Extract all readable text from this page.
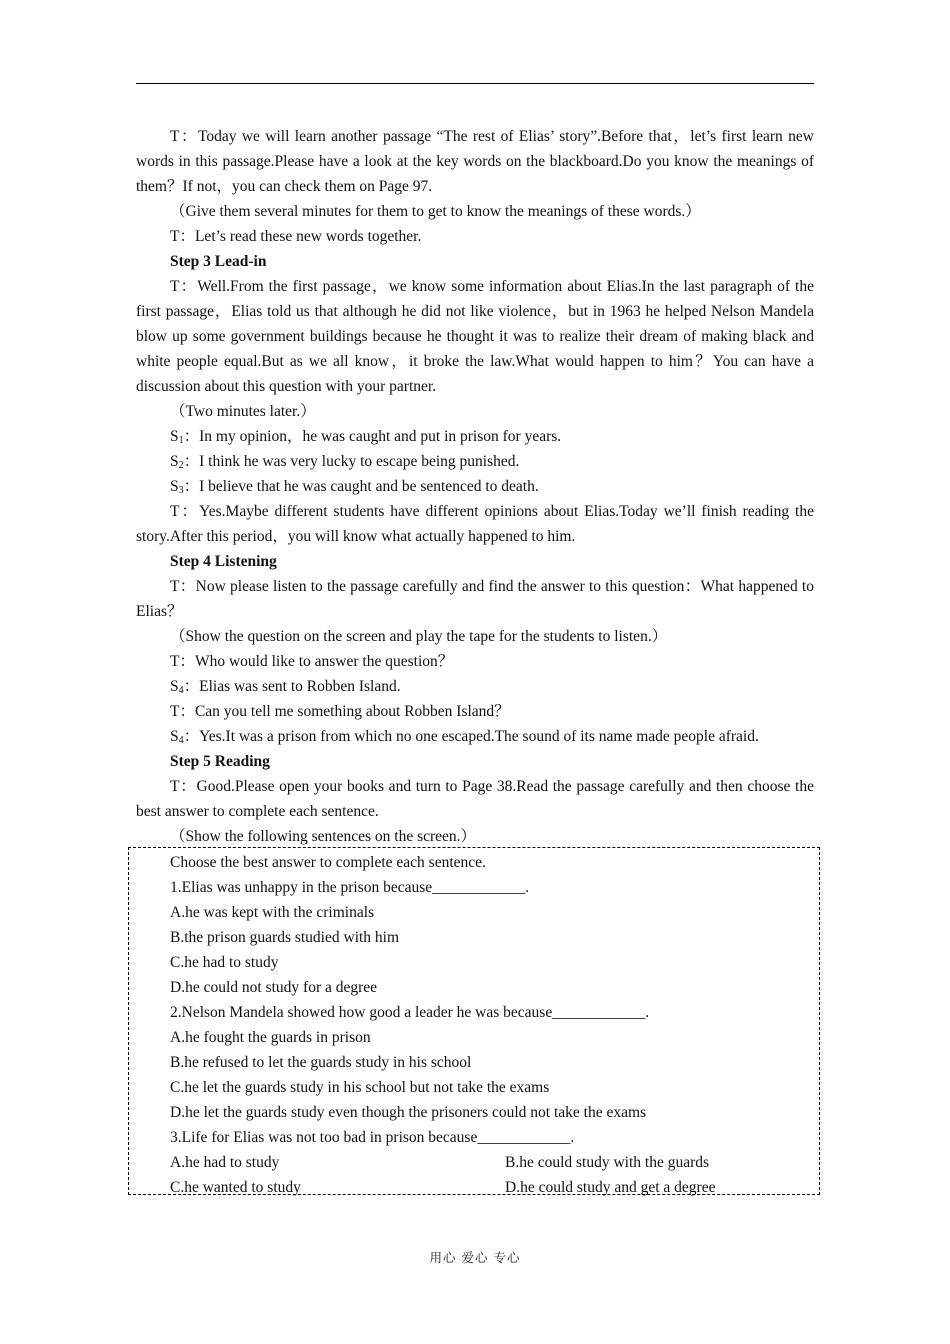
T：Today we will learn another passage “The rest of Elias’ story”.Before that，let’s first learn new words in this passage.Please have a look at the key words on the blackboard.Do you know the meanings of them？If not，you can check them on Page 97.

（Give them several minutes for them to get to know the meanings of these words.）

T：Let’s read these new words together.

Step 3 Lead-in

T：Well.From the first passage，we know some information about Elias.In the last paragraph of the first passage，Elias told us that although he did not like violence，but in 1963 he helped Nelson Mandela blow up some government buildings because he thought it was to realize their dream of making black and white people equal.But as we all know，it broke the law.What would happen to him？You can have a discussion about this question with your partner.

（Two minutes later.）

$S_1$：In my opinion，he was caught and put in prison for years.

$S_2$：I think he was very lucky to escape being punished.

$S_3$：I believe that he was caught and be sentenced to death.

T：Yes.Maybe different students have different opinions about Elias.Today we’ll finish reading the story.After this period，you will know what actually happened to him.

Step 4 Listening

T：Now please listen to the passage carefully and find the answer to this question：What happened to Elias？

（Show the question on the screen and play the tape for the students to listen.）

T：Who would like to answer the question？

$S_4$：Elias was sent to Robben Island.

T：Can you tell me something about Robben Island？

$S_4$：Yes.It was a prison from which no one escaped.The sound of its name made people afraid.

Step 5 Reading

T：Good.Please open your books and turn to Page 38.Read the passage carefully and then choose the best answer to complete each sentence.

（Show the following sentences on the screen.）

Choose the best answer to complete each sentence.

1.Elias was unhappy in the prison because____________.

A.he was kept with the criminals

B.the prison guards studied with him

C.he had to study

D.he could not study for a degree

2.Nelson Mandela showed how good a leader he was because____________.

A.he fought the guards in prison

B.he refused to let the guards study in his school

C.he let the guards study in his school but not take the exams

D.he let the guards study even though the prisoners could not take the exams

3.Life for Elias was not too bad in prison because____________.

A.he had to study	B.he could study with the guards
C.he wanted to study	D.he could study and get a degree
用心 爱心 专心
